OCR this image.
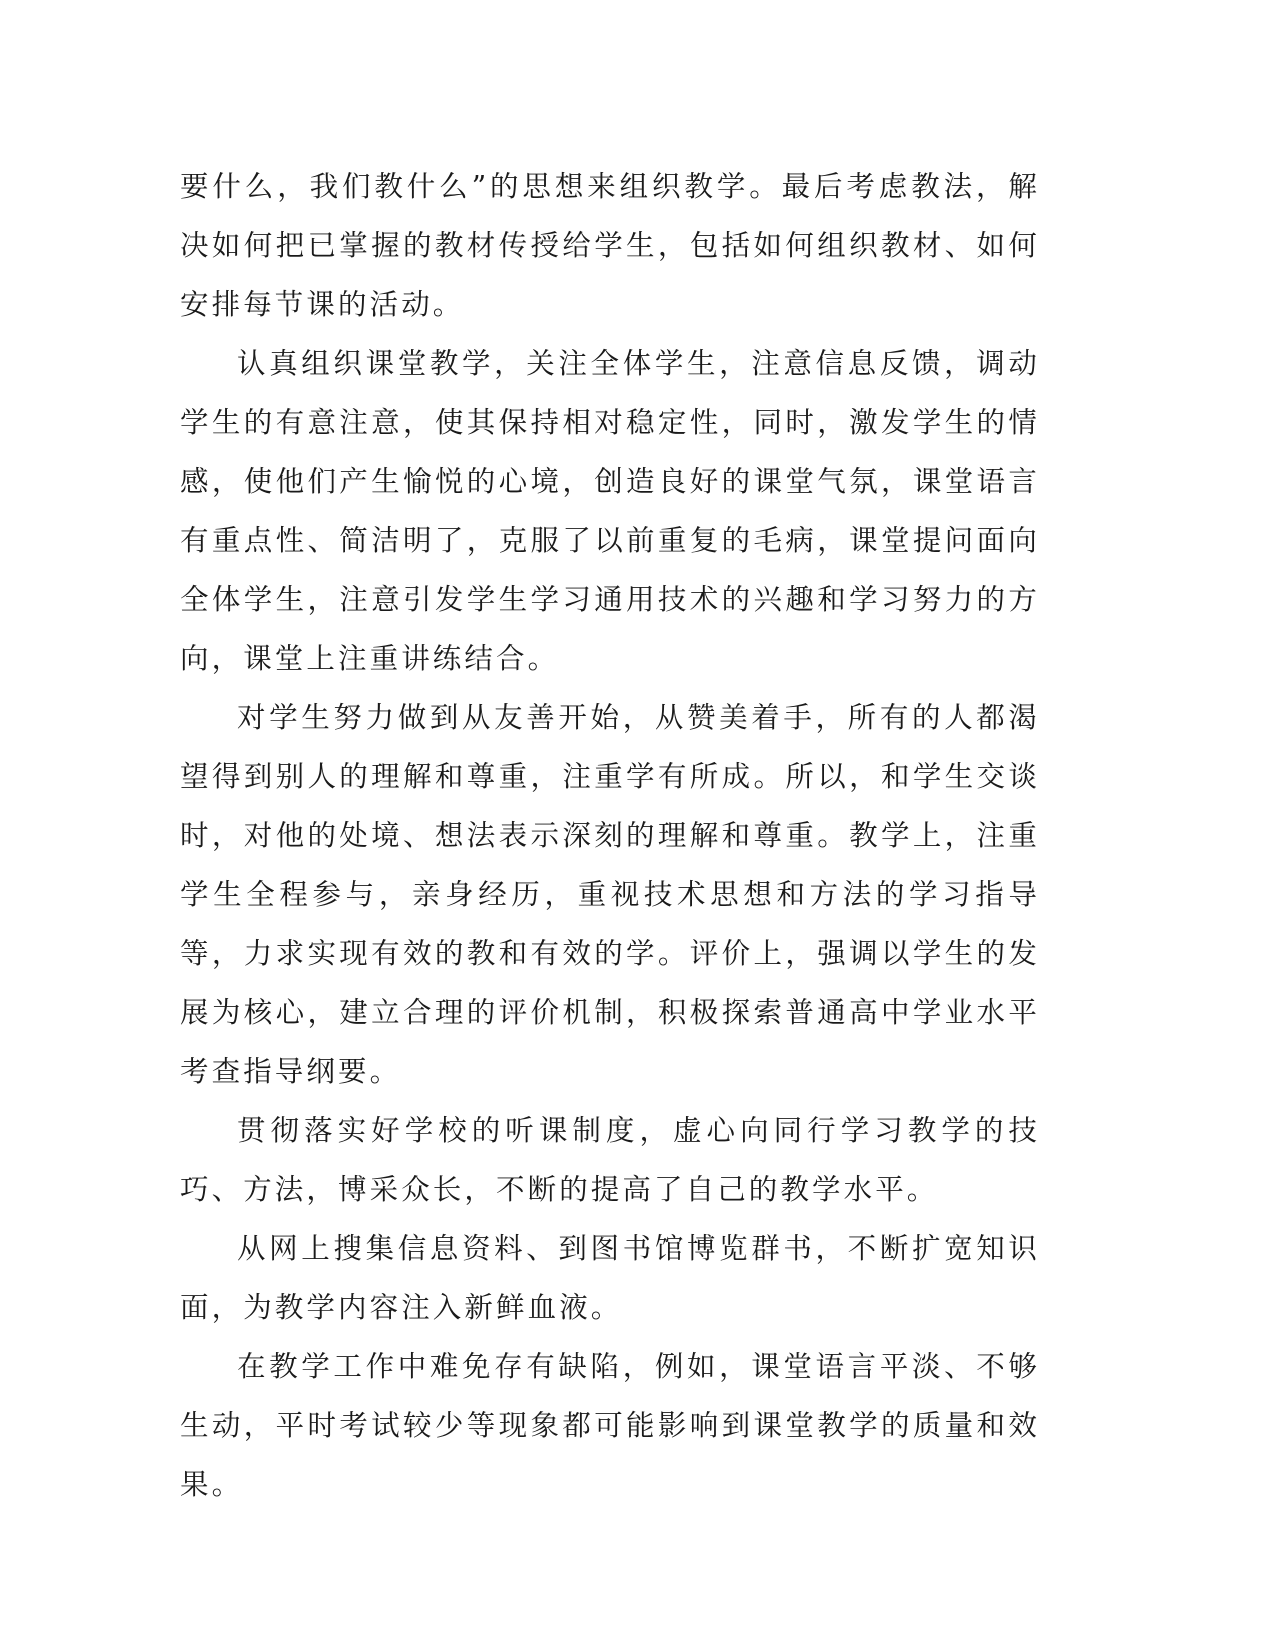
要什么，我们教什么”的思想来组织教学。最后考虑教法，解决如何把已掌握的教材传授给学生，包括如何组织教材、如何安排每节课的活动。

认真组织课堂教学，关注全体学生，注意信息反馈，调动学生的有意注意，使其保持相对稳定性，同时，激发学生的情感，使他们产生愉悦的心境，创造良好的课堂气氛，课堂语言有重点性、简洁明了，克服了以前重复的毛病，课堂提问面向全体学生，注意引发学生学习通用技术的兴趣和学习努力的方向，课堂上注重讲练结合。

对学生努力做到从友善开始，从赞美着手，所有的人都渴望得到别人的理解和尊重，注重学有所成。所以，和学生交谈时，对他的处境、想法表示深刻的理解和尊重。教学上，注重学生全程参与，亲身经历，重视技术思想和方法的学习指导等，力求实现有效的教和有效的学。评价上，强调以学生的发展为核心，建立合理的评价机制，积极探索普通高中学业水平考查指导纲要。

贯彻落实好学校的听课制度，虚心向同行学习教学的技巧、方法，博采众长，不断的提高了自己的教学水平。

从网上搜集信息资料、到图书馆博览群书，不断扩宽知识面，为教学内容注入新鲜血液。

在教学工作中难免存有缺陷，例如，课堂语言平淡、不够生动，平时考试较少等现象都可能影响到课堂教学的质量和效果。
